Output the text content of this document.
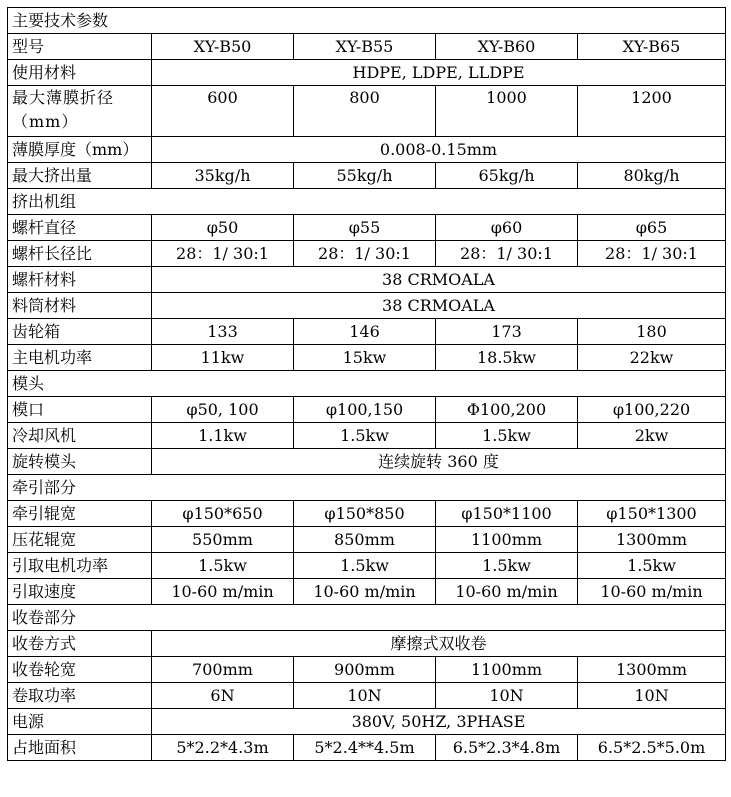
主要技术参数				
型号	XY-B50	XY-B55	XY-B60	XY-B65
使用材料	HDPE, LDPE, LLDPE			
最大薄膜折径（mm）	600	800	1000	1200
薄膜厚度（mm）	0.008-0.15mm			
最大挤出量	35kg/h	55kg/h	65kg/h	80kg/h
挤出机组				
螺杆直径	φ50	φ55	φ60	φ65
螺杆长径比	28：1/ 30:1	28：1/ 30:1	28：1/ 30:1	28：1/ 30:1
螺杆材料	38 CRMOALA			
料筒材料	38 CRMOALA			
齿轮箱	133	146	173	180
主电机功率	11kw	15kw	18.5kw	22kw
模头				
模口	φ50, 100	φ100,150	Φ100,200	φ100,220
冷却风机	1.1kw	1.5kw	1.5kw	2kw
旋转模头	连续旋转 360 度			
牵引部分				
牵引辊宽	φ150*650	φ150*850	φ150*1100	φ150*1300
压花辊宽	550mm	850mm	1100mm	1300mm
引取电机功率	1.5kw	1.5kw	1.5kw	1.5kw
引取速度	10-60 m/min	10-60 m/min	10-60 m/min	10-60 m/min
收卷部分				
收卷方式	摩擦式双收卷			
收卷轮宽	700mm	900mm	1100mm	1300mm
卷取功率	6N	10N	10N	10N
电源	380V, 50HZ, 3PHASE			
占地面积	5*2.2*4.3m	5*2.4**4.5m	6.5*2.3*4.8m	6.5*2.5*5.0m
